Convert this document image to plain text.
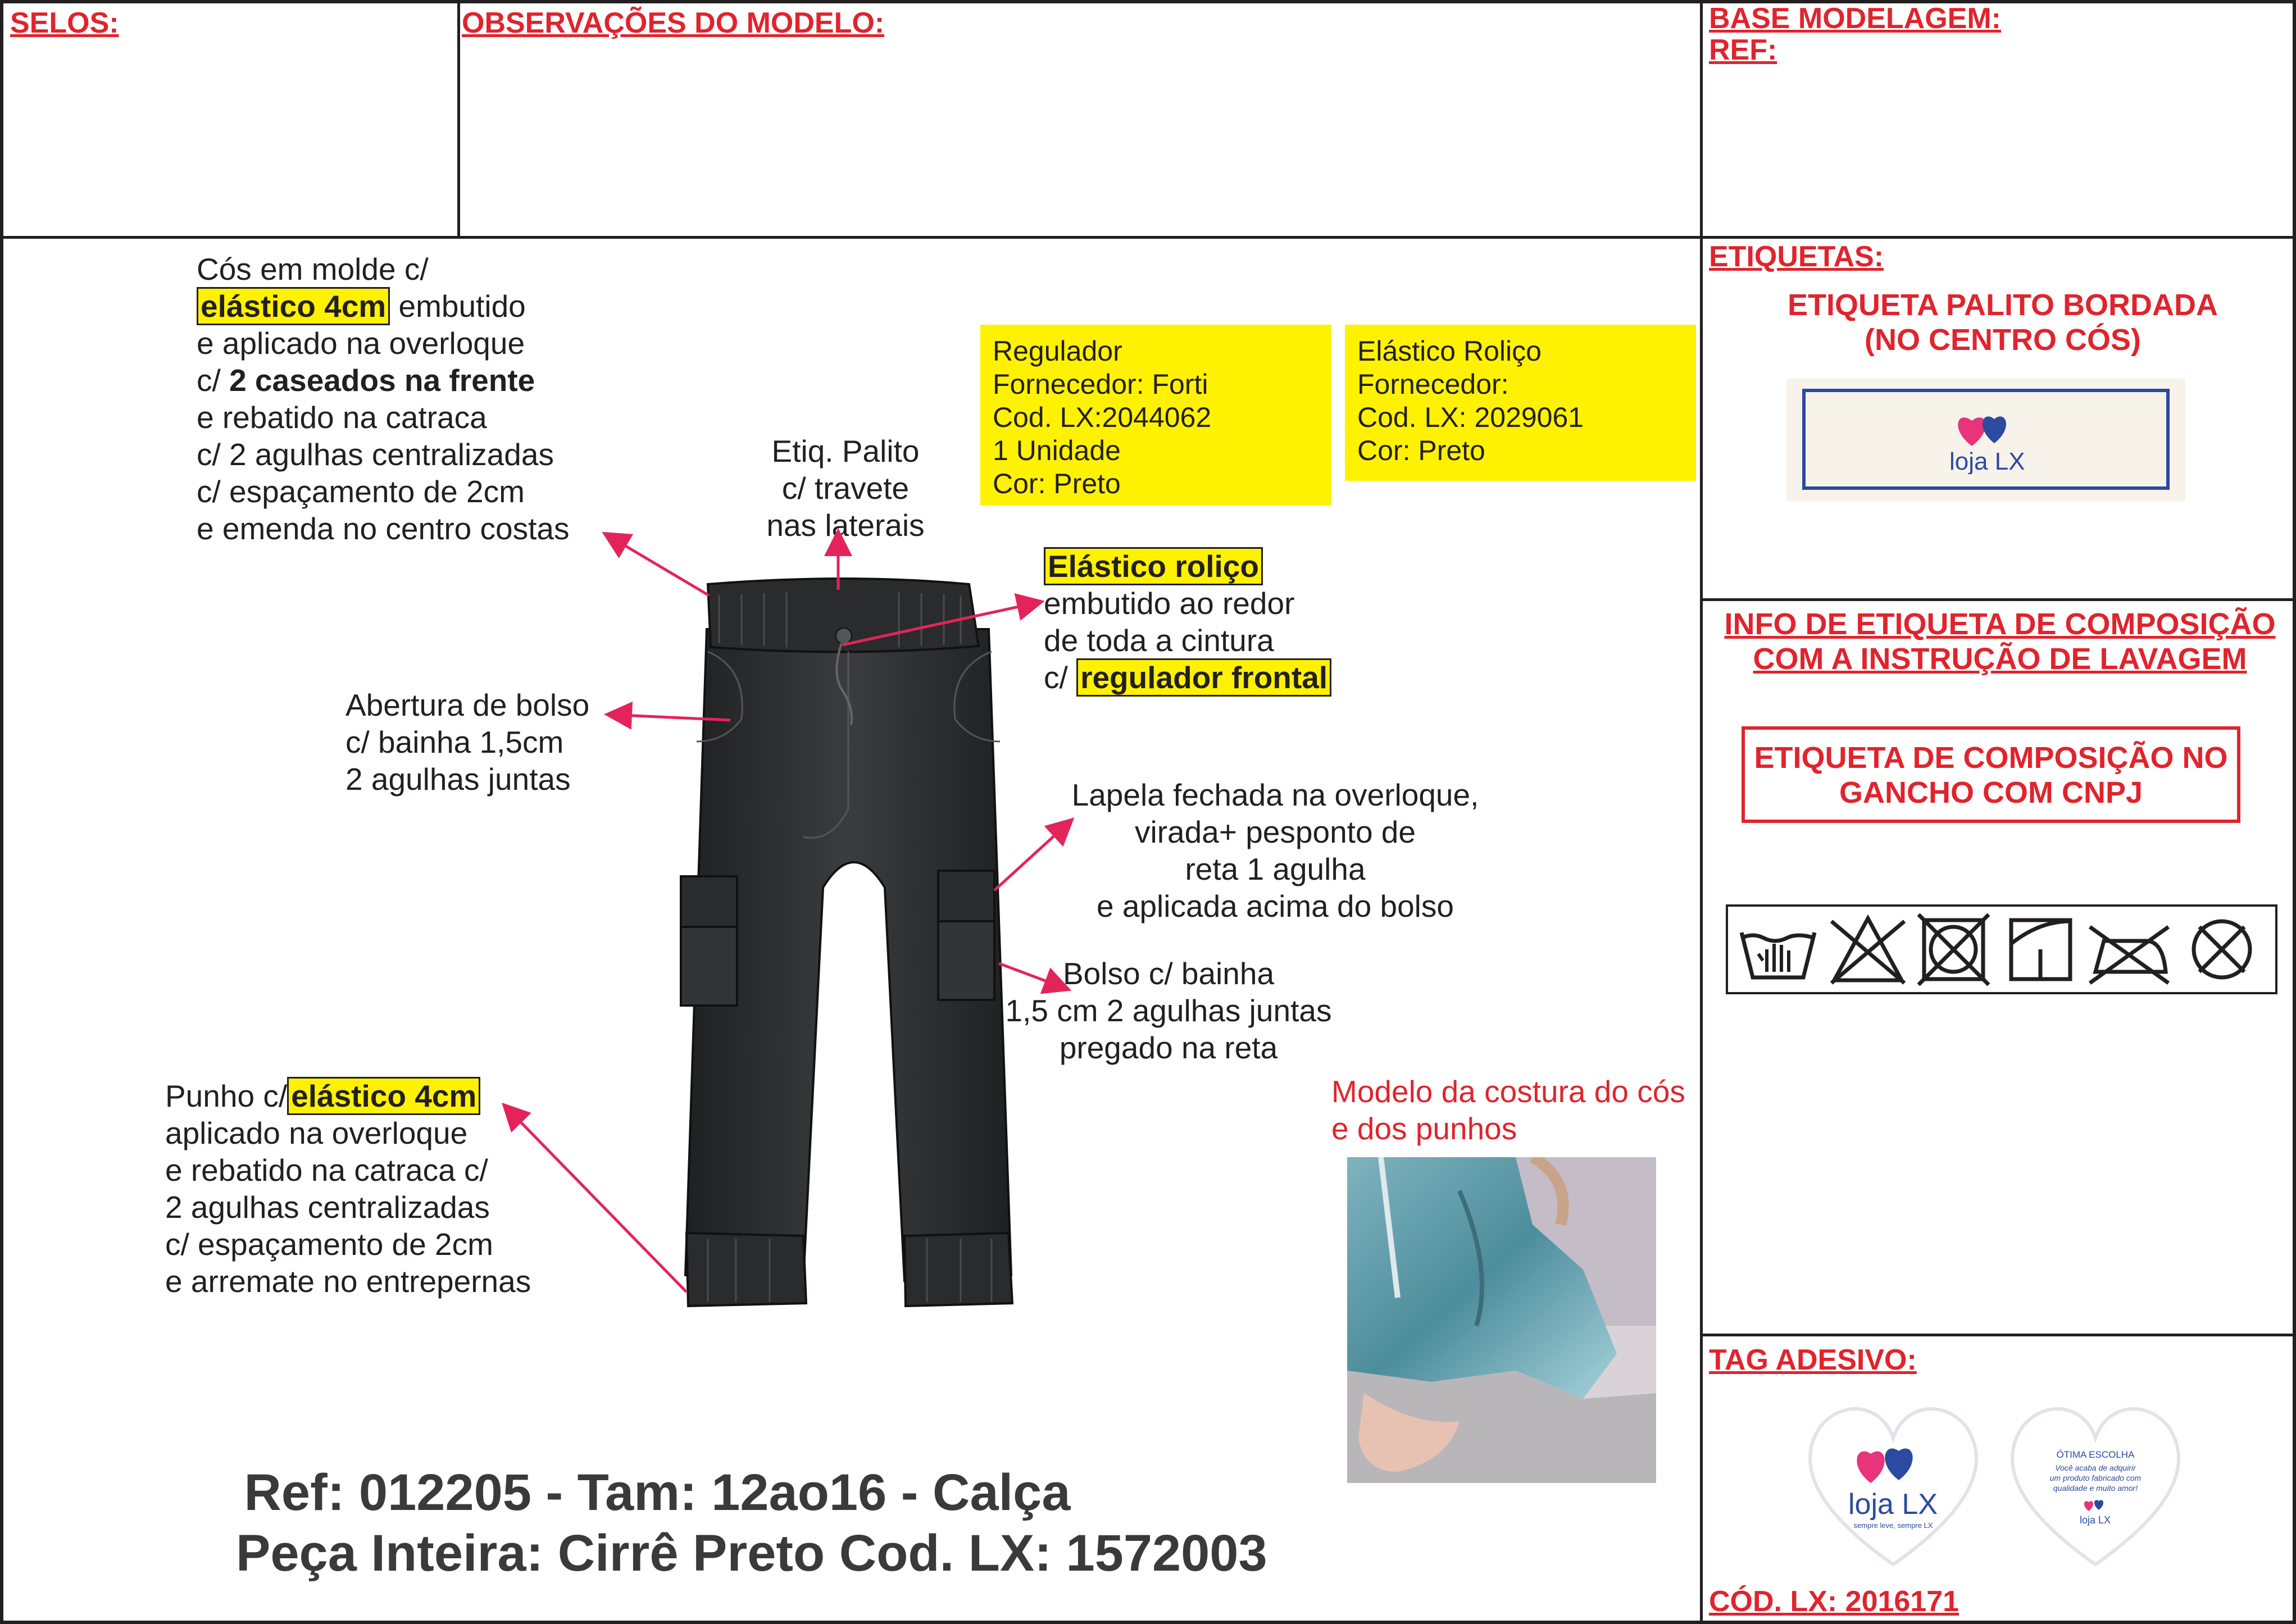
SELOS:	OBSERVAÇÕES DO MODELO:	BASE MODELAGEM:
REF:
Cós em molde c/
elástico 4cm embutido
e aplicado na overloque
c/ 2 caseados na frente
e rebatido na catraca
c/ 2 agulhas centralizadas
c/ espaçamento de 2cm
e emenda no centro costas
Etiq. Palito
c/ travete
nas laterais
Regulador
Fornecedor: Forti
Cod. LX:2044062
1 Unidade
Cor: Preto
Elástico Roliço
Fornecedor:
Cod. LX: 2029061
Cor: Preto
Elástico roliço
embutido ao redor
de toda a cintura
c/ regulador frontal
Abertura de bolso
c/ bainha 1,5cm
2 agulhas juntas	Lapela fechada na overloque,
virada+ pesponto de
reta 1 agulha
e aplicada acima do bolso
Bolso c/ bainha
1,5 cm 2 agulhas juntas
pregado na reta
Punho c/ elástico 4cm
aplicado na overloque
e rebatido na catraca c/
2 agulhas centralizadas
c/ espaçamento de 2cm
e arremate no entrepernas
Modelo da costura do cós
e dos punhos
Ref: 012205 - Tam: 12ao16 - Calça
Peça Inteira: Cirrê Preto Cod. LX: 1572003
ETIQUETAS:
ETIQUETA PALITO BORDADA
(NO CENTRO CÓS)
loja LX
INFO DE ETIQUETA DE COMPOSIÇÃO
COM A INSTRUÇÃO DE LAVAGEM
ETIQUETA DE COMPOSIÇÃO NO
GANCHO COM CNPJ
TAG ADESIVO:
loja LX
sempre leve, sempre LX
ÓTIMA ESCOLHA
Você acaba de adquirir
um produto fabricado com
qualidade e muito amor!
loja LX
CÓD. LX: 2016171
